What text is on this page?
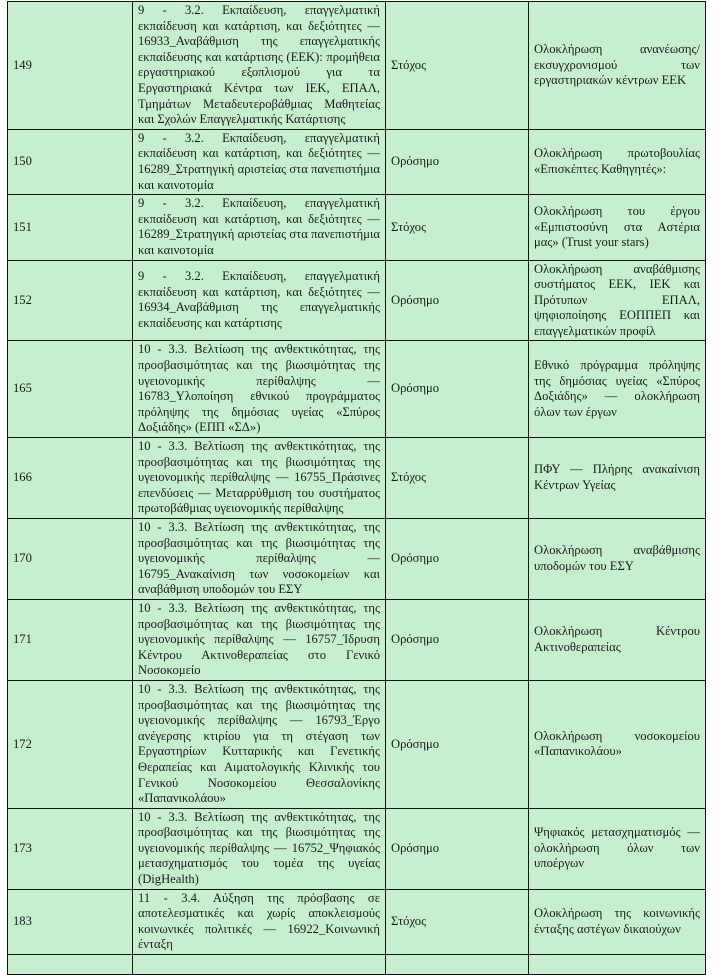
149	9 - 3.2. Εκπαίδευση, επαγγελματική εκπαίδευση και κατάρτιση, και δεξιότητες — 16933_Αναβάθμιση της επαγγελματικής εκπαίδευσης και κατάρτισης (ΕΕΚ): προμήθεια εργαστηριακού εξοπλισμού για τα Εργαστηριακά Κέντρα των ΙΕΚ, ΕΠΑΛ, Τμημάτων Μεταδευτεροβάθμιας Μαθητείας και Σχολών Επαγγελματικής Κατάρτισης	Στόχος	Ολοκλήρωση ανανέωσης/εκσυγχρονισμού των εργαστηριακών κέντρων ΕΕΚ
150	9 - 3.2. Εκπαίδευση, επαγγελματική εκπαίδευση και κατάρτιση, και δεξιότητες — 16289_Στρατηγική αριστείας στα πανεπιστήμια και καινοτομία	Ορόσημο	Ολοκλήρωση πρωτοβουλίας «Επισκέπτες Καθηγητές»:
151	9 - 3.2. Εκπαίδευση, επαγγελματική εκπαίδευση και κατάρτιση, και δεξιότητες — 16289_Στρατηγική αριστείας στα πανεπιστήμια και καινοτομία	Στόχος	Ολοκλήρωση του έργου «Εμπιστοσύνη στα Αστέρια μας» (Trust your stars)
152	9 - 3.2. Εκπαίδευση, επαγγελματική εκπαίδευση και κατάρτιση, και δεξιότητες — 16934_Αναβάθμιση της επαγγελματικής εκπαίδευσης και κατάρτισης	Ορόσημο	Ολοκλήρωση αναβάθμισης συστήματος ΕΕΚ, ΙΕΚ και Πρότυπων ΕΠΑΛ, ψηφιοποίησης ΕΟΠΠΕΠ και επαγγελματικών προφίλ
165	10 - 3.3. Βελτίωση της ανθεκτικότητας, της προσβασιμότητας και της βιωσιμότητας της υγειονομικής περίθαλψης — 16783_Υλοποίηση εθνικού προγράμματος πρόληψης της δημόσιας υγείας «Σπύρος Δοξιάδης» (ΕΠΠ «ΣΔ»)	Ορόσημο	Εθνικό πρόγραμμα πρόληψης της δημόσιας υγείας «Σπύρος Δοξιάδης» — ολοκλήρωση όλων των έργων
166	10 - 3.3. Βελτίωση της ανθεκτικότητας, της προσβασιμότητας και της βιωσιμότητας της υγειονομικής περίθαλψης — 16755_Πράσινες επενδύσεις — Μεταρρύθμιση του συστήματος πρωτοβάθμιας υγειονομικής περίθαλψης	Στόχος	ΠΦΥ — Πλήρης ανακαίνιση Κέντρων Υγείας
170	10 - 3.3. Βελτίωση της ανθεκτικότητας, της προσβασιμότητας και της βιωσιμότητας της υγειονομικής περίθαλψης — 16795_Ανακαίνιση των νοσοκομείων και αναβάθμιση υποδομών του ΕΣΥ	Ορόσημο	Ολοκλήρωση αναβάθμισης υποδομών του ΕΣΥ
171	10 - 3.3. Βελτίωση της ανθεκτικότητας, της προσβασιμότητας και της βιωσιμότητας της υγειονομικής περίθαλψης — 16757_Ίδρυση Κέντρου Ακτινοθεραπείας στο Γενικό Νοσοκομείο	Ορόσημο	Ολοκλήρωση Κέντρου Ακτινοθεραπείας
172	10 - 3.3. Βελτίωση της ανθεκτικότητας, της προσβασιμότητας και της βιωσιμότητας της υγειονομικής περίθαλψης — 16793_Έργο ανέγερσης κτιρίου για τη στέγαση των Εργαστηρίων Κυτταρικής και Γενετικής Θεραπείας και Αιματολογικής Κλινικής του Γενικού Νοσοκομείου Θεσσαλονίκης «Παπανικολάου»	Ορόσημο	Ολοκλήρωση νοσοκομείου «Παπανικολάου»
173	10 - 3.3. Βελτίωση της ανθεκτικότητας, της προσβασιμότητας και της βιωσιμότητας της υγειονομικής περίθαλψης — 16752_Ψηφιακός μετασχηματισμός του τομέα της υγείας (DigHealth)	Ορόσημο	Ψηφιακός μετασχηματισμός — ολοκλήρωση όλων των υποέργων
183	11 - 3.4. Αύξηση της πρόσβασης σε αποτελεσματικές και χωρίς αποκλεισμούς κοινωνικές πολιτικές — 16922_Κοινωνική ένταξη	Στόχος	Ολοκλήρωση της κοινωνικής ένταξης αστέγων δικαιούχων
